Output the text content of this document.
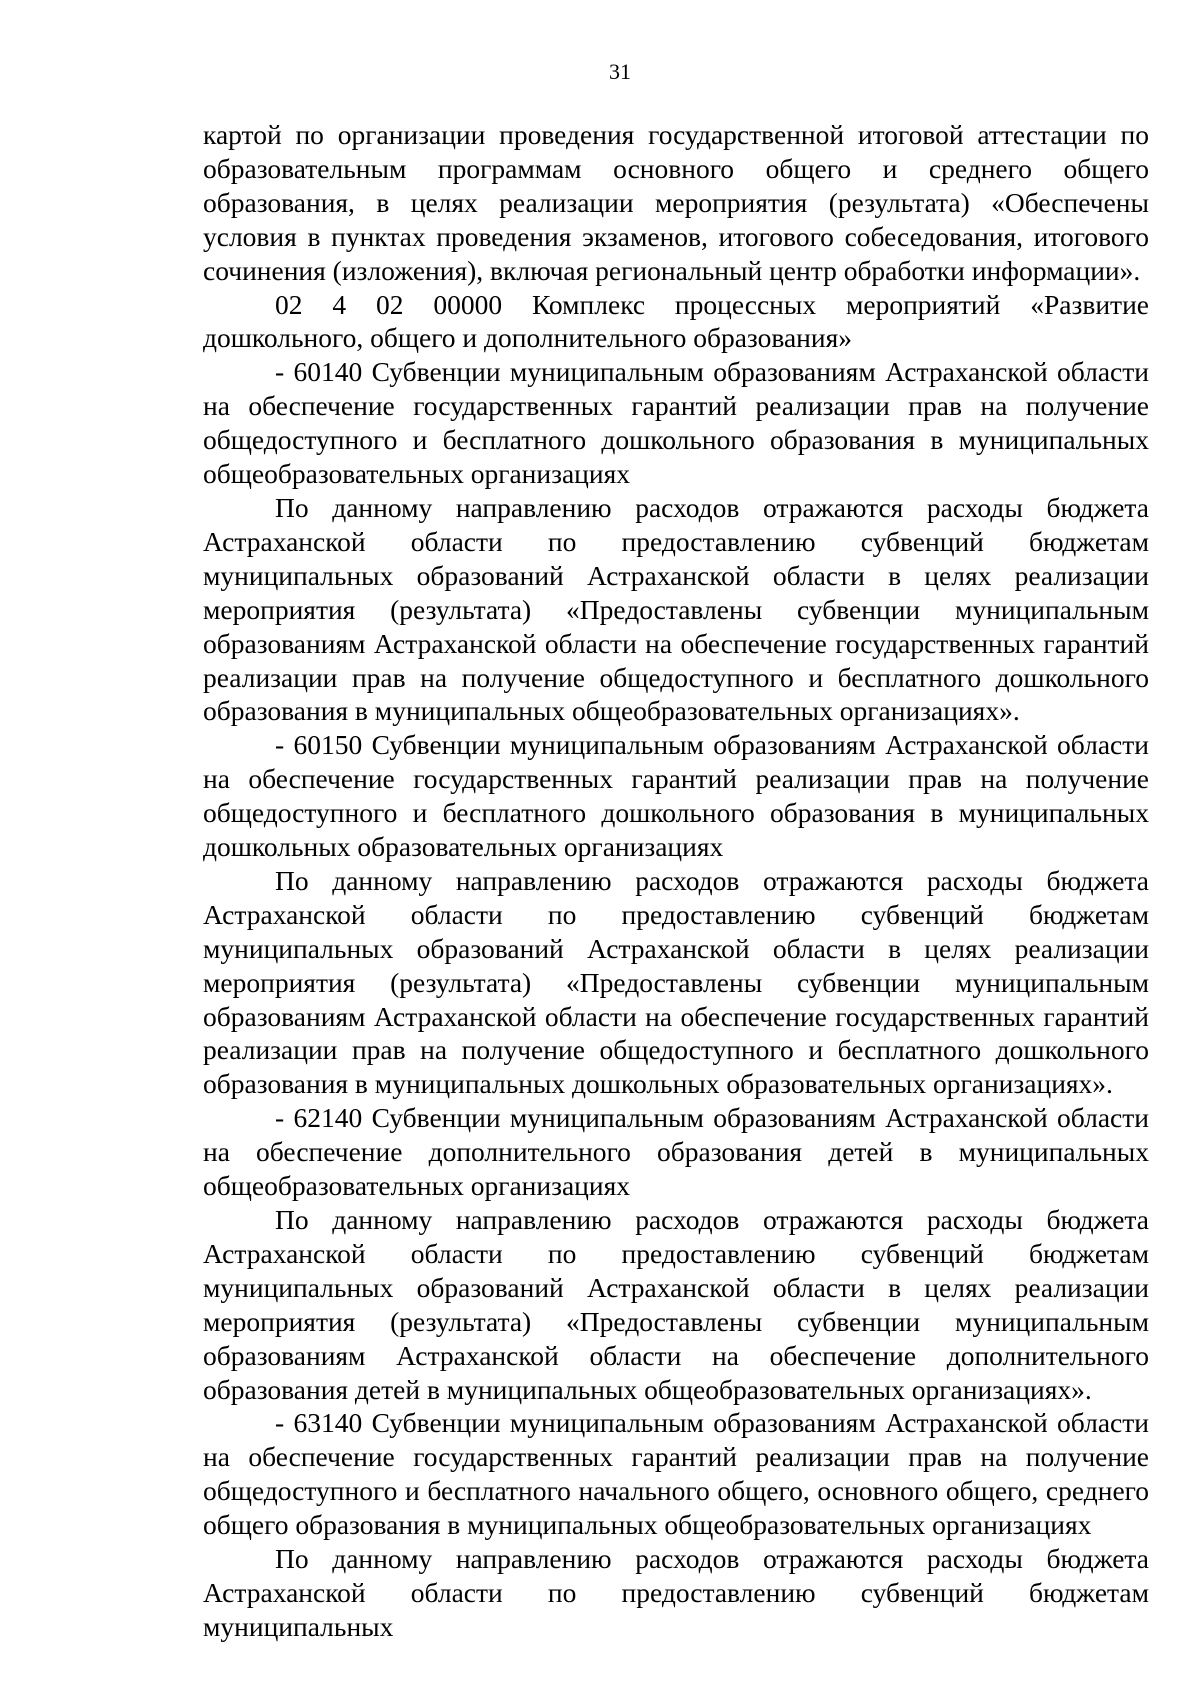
31

картой по организации проведения государственной итоговой аттестации по образовательным программам основного общего и среднего общего образования, в целях реализации мероприятия (результата) «Обеспечены условия в пунктах проведения экзаменов, итогового собеседования, итогового сочинения (изложения), включая региональный центр обработки информации».

02 4 02 00000 Комплекс процессных мероприятий «Развитие дошкольного, общего и дополнительного образования»

- 60140 Субвенции муниципальным образованиям Астраханской области на обеспечение государственных гарантий реализации прав на получение общедоступного и бесплатного дошкольного образования в муниципальных общеобразовательных организациях

По данному направлению расходов отражаются расходы бюджета Астраханской области по предоставлению субвенций бюджетам муниципальных образований Астраханской области в целях реализации мероприятия (результата) «Предоставлены субвенции муниципальным образованиям Астраханской области на обеспечение государственных гарантий реализации прав на получение общедоступного и бесплатного дошкольного образования в муниципальных общеобразовательных организациях».

- 60150 Субвенции муниципальным образованиям Астраханской области на обеспечение государственных гарантий реализации прав на получение общедоступного и бесплатного дошкольного образования в муниципальных дошкольных образовательных организациях

По данному направлению расходов отражаются расходы бюджета Астраханской области по предоставлению субвенций бюджетам муниципальных образований Астраханской области в целях реализации мероприятия (результата) «Предоставлены субвенции муниципальным образованиям Астраханской области на обеспечение государственных гарантий реализации прав на получение общедоступного и бесплатного дошкольного образования в муниципальных дошкольных образовательных организациях».

- 62140 Субвенции муниципальным образованиям Астраханской области на обеспечение дополнительного образования детей в муниципальных общеобразовательных организациях

По данному направлению расходов отражаются расходы бюджета Астраханской области по предоставлению субвенций бюджетам муниципальных образований Астраханской области в целях реализации мероприятия (результата) «Предоставлены субвенции муниципальным образованиям Астраханской области на обеспечение дополнительного образования детей в муниципальных общеобразовательных организациях».

- 63140 Субвенции муниципальным образованиям Астраханской области на обеспечение государственных гарантий реализации прав на получение общедоступного и бесплатного начального общего, основного общего, среднего общего образования в муниципальных общеобразовательных организациях

По данному направлению расходов отражаются расходы бюджета Астраханской области по предоставлению субвенций бюджетам муниципальных
